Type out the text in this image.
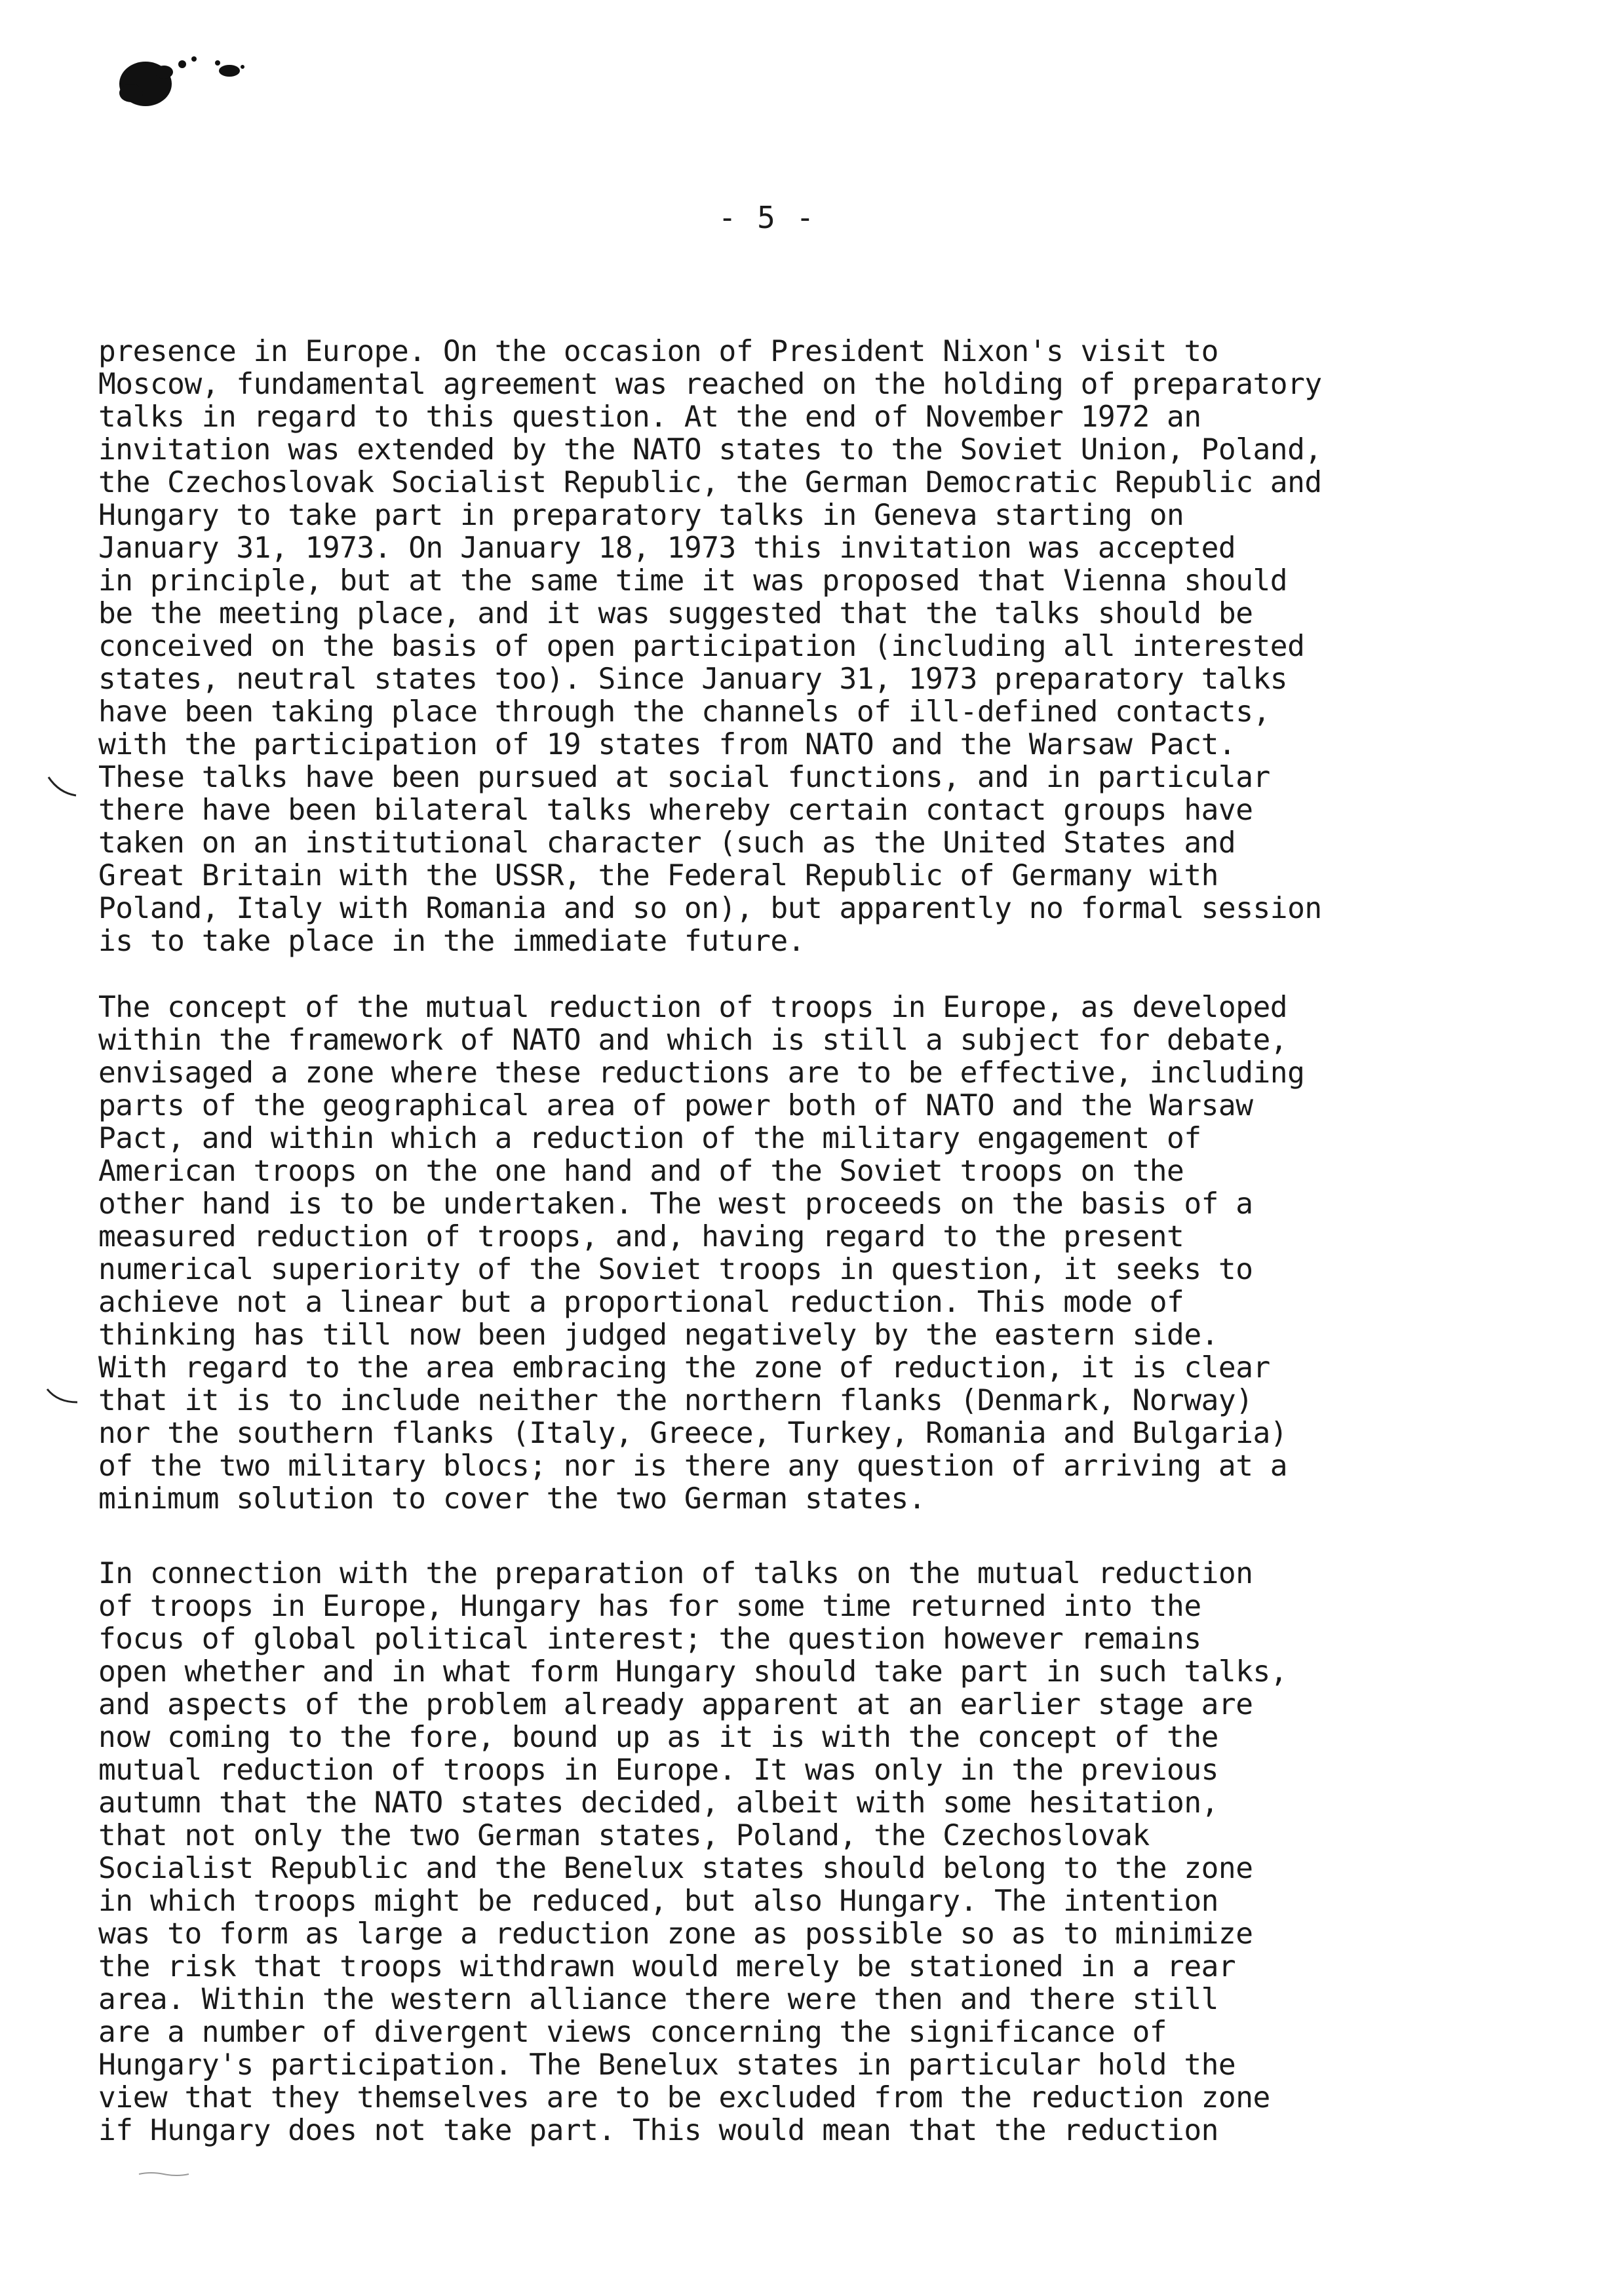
- 5 -
presence in Europe. On the occasion of President Nixon's visit to
Moscow, fundamental agreement was reached on the holding of preparatory
talks in regard to this question. At the end of November 1972 an
invitation was extended by the NATO states to the Soviet Union, Poland,
the Czechoslovak Socialist Republic, the German Democratic Republic and
Hungary to take part in preparatory talks in Geneva starting on
January 31, 1973. On January 18, 1973 this invitation was accepted
in principle, but at the same time it was proposed that Vienna should
be the meeting place, and it was suggested that the talks should be
conceived on the basis of open participation (including all interested
states, neutral states too). Since January 31, 1973 preparatory talks
have been taking place through the channels of ill-defined contacts,
with the participation of 19 states from NATO and the Warsaw Pact.
These talks have been pursued at social functions, and in particular
there have been bilateral talks whereby certain contact groups have
taken on an institutional character (such as the United States and
Great Britain with the USSR, the Federal Republic of Germany with
Poland, Italy with Romania and so on), but apparently no formal session
is to take place in the immediate future.
The concept of the mutual reduction of troops in Europe, as developed
within the framework of NATO and which is still a subject for debate,
envisaged a zone where these reductions are to be effective, including
parts of the geographical area of power both of NATO and the Warsaw
Pact, and within which a reduction of the military engagement of
American troops on the one hand and of the Soviet troops on the
other hand is to be undertaken. The west proceeds on the basis of a
measured reduction of troops, and, having regard to the present
numerical superiority of the Soviet troops in question, it seeks to
achieve not a linear but a proportional reduction. This mode of
thinking has till now been judged negatively by the eastern side.
With regard to the area embracing the zone of reduction, it is clear
that it is to include neither the northern flanks (Denmark, Norway)
nor the southern flanks (Italy, Greece, Turkey, Romania and Bulgaria)
of the two military blocs; nor is there any question of arriving at a
minimum solution to cover the two German states.
In connection with the preparation of talks on the mutual reduction
of troops in Europe, Hungary has for some time returned into the
focus of global political interest; the question however remains
open whether and in what form Hungary should take part in such talks,
and aspects of the problem already apparent at an earlier stage are
now coming to the fore, bound up as it is with the concept of the
mutual reduction of troops in Europe. It was only in the previous
autumn that the NATO states decided, albeit with some hesitation,
that not only the two German states, Poland, the Czechoslovak
Socialist Republic and the Benelux states should belong to the zone
in which troops might be reduced, but also Hungary. The intention
was to form as large a reduction zone as possible so as to minimize
the risk that troops withdrawn would merely be stationed in a rear
area. Within the western alliance there were then and there still
are a number of divergent views concerning the significance of
Hungary's participation. The Benelux states in particular hold the
view that they themselves are to be excluded from the reduction zone
if Hungary does not take part. This would mean that the reduction
